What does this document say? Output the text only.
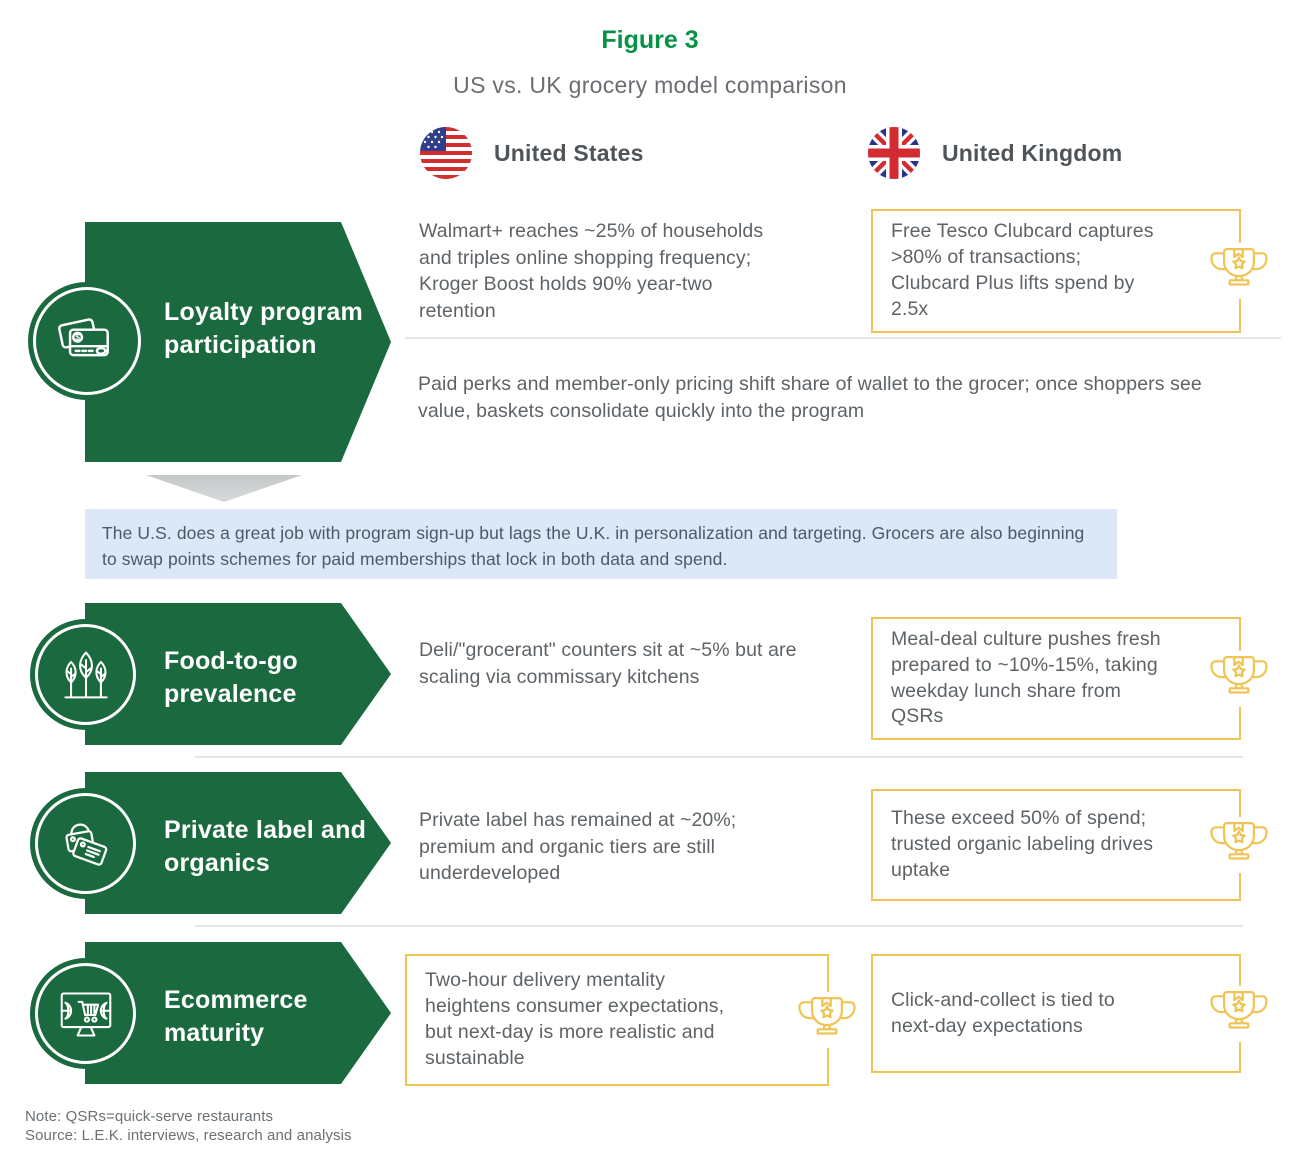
Figure 3
US vs. UK grocery model comparison
United States	United Kingdom
$
Loyalty program participation
Walmart+ reaches ~25% of households and triples online shopping frequency; Kroger Boost holds 90% year-two retention
Free Tesco Clubcard captures >80% of transactions; Clubcard Plus lifts spend by 2.5x
Paid perks and member-only pricing shift share of wallet to the grocer; once shoppers see value, baskets consolidate quickly into the program
The U.S. does a great job with program sign-up but lags the U.K. in personalization and targeting. Grocers are also beginning to swap points schemes for paid memberships that lock in both data and spend.
Food-to-go prevalence
Deli/"grocerant" counters sit at ~5% but are scaling via commissary kitchens
Meal-deal culture pushes fresh prepared to ~10%-15%, taking weekday lunch share from QSRs
Private label and organics
Private label has remained at ~20%; premium and organic tiers are still underdeveloped
These exceed 50% of spend; trusted organic labeling drives uptake
Ecommerce maturity
Two-hour delivery mentality heightens consumer expectations, but next-day is more realistic and sustainable
Click-and-collect is tied to next-day expectations
Note: QSRs=quick-serve restaurants
Source: L.E.K. interviews, research and analysis
